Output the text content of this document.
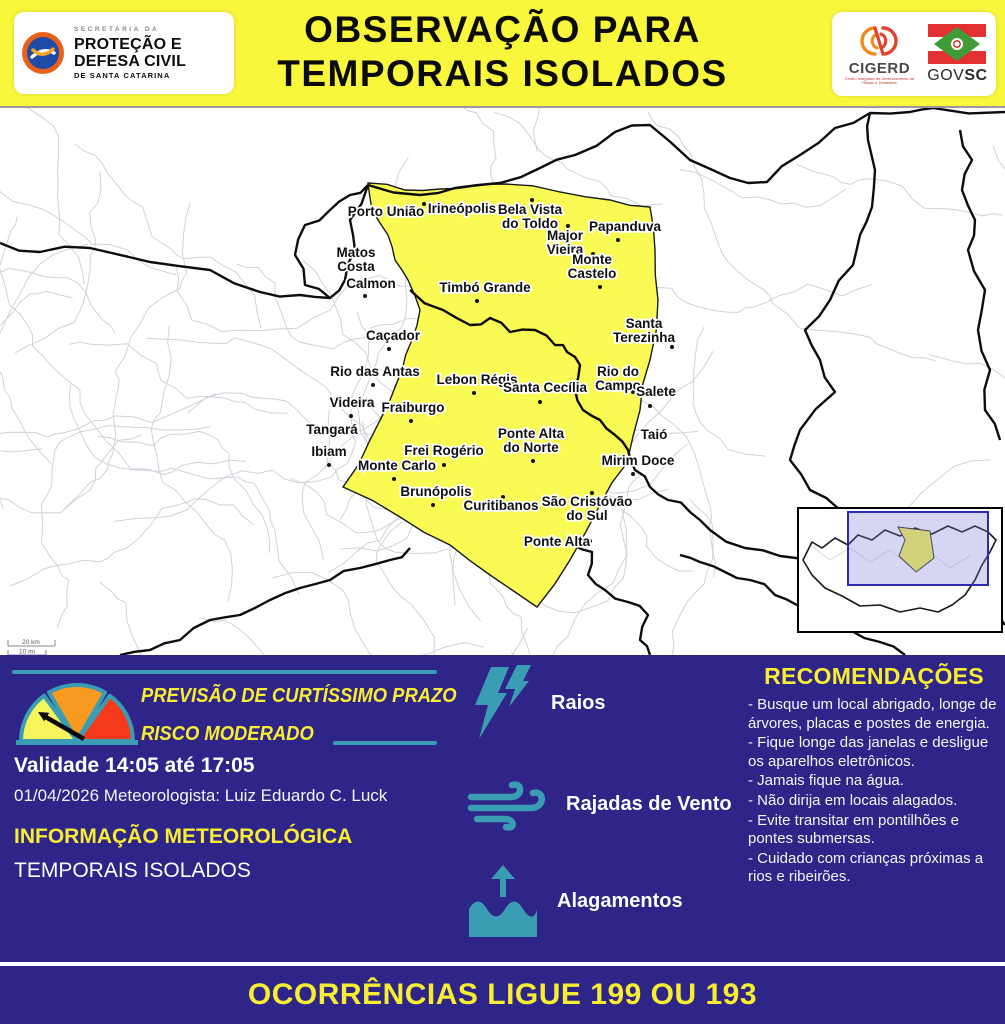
SECRETARIA DA
PROTEÇÃO E
DEFESA CIVIL
DE SANTA CATARINA
OBSERVAÇÃO PARA
TEMPORAIS ISOLADOS	CIGERD
Centro Integrado de Gerenciamento de Riscos e Desastres	GOVSC
Porto União Irineópolis Bela Vista do Toldo	Papanduva
Major Vieira
Monte Castelo
Matos Costa
Calmon	Timbó Grande
Caçador
Santa Terezinha
Rio das Antas
Lebon Régis
Santa Cecília
Rio do Campo
Salete
Videira Fraiburgo
Tangará
Ibiam	Frei Rogério
Monte Carlo
Ponte Alta do Norte
Taió
Mirim Doce
Brunópolis
Curitibanos São Cristóvão do Sul
Ponte Alta
20 km
10 mi
PREVISÃO DE CURTÍSSIMO PRAZO
RISCO MODERADO
Validade 14:05 até 17:05
01/04/2026 Meteorologista: Luiz Eduardo C. Luck
INFORMAÇÃO METEOROLÓGICA
TEMPORAIS ISOLADOS
Raios
Rajadas de Vento
Alagamentos
RECOMENDAÇÕES

- Busque um local abrigado, longe de árvores, placas e postes de energia.

- Fique longe das janelas e desligue os aparelhos eletrônicos.

- Jamais fique na água.

- Não dirija em locais alagados.

- Evite transitar em pontilhões e pontes submersas.

- Cuidado com crianças próximas a rios e ribeirões.

OCORRÊNCIAS LIGUE 199 OU 193
